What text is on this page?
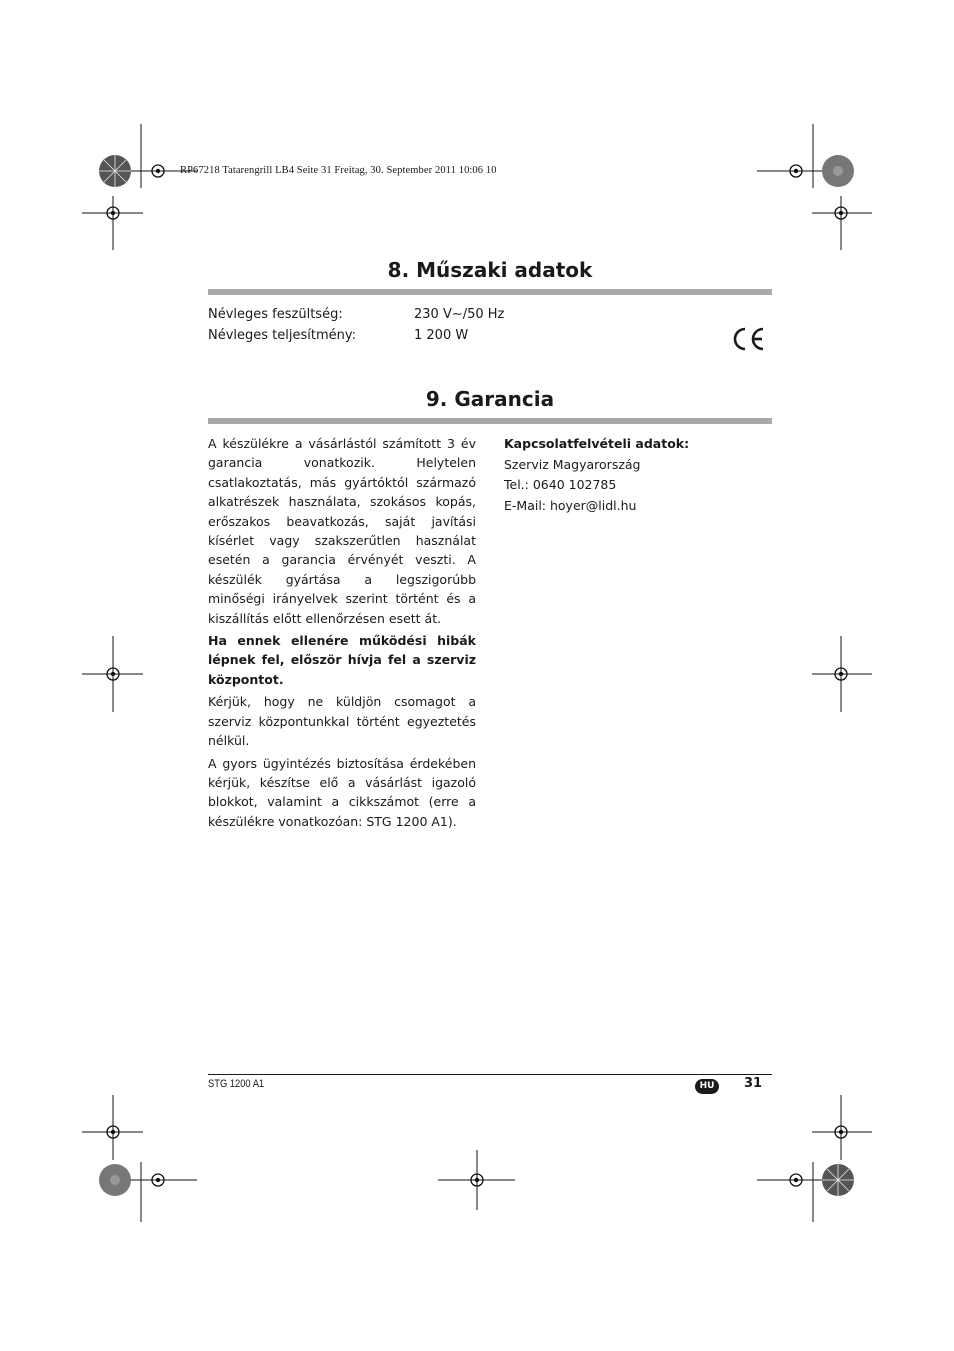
RP67218 Tatarengrill LB4 Seite 31 Freitag, 30. September 2011 10:06 10
8. Műszaki adatok
Névleges feszültség:	230 V∼/50 Hz
Névleges teljesítmény:	1 200 W
9. Garancia

A készülékre a vásárlástól számított 3 év garancia vonatkozik. Helytelen csatlakoztatás, más gyártóktól származó alkatrészek használata, szokásos kopás, erőszakos beavatkozás, saját javítási kísérlet vagy szakszerűtlen használat esetén a garancia érvényét veszti. A készülék gyártása a legszigorúbb minőségi irányelvek szerint történt és a kiszállítás előtt ellenőrzésen esett át.

Ha ennek ellenére működési hibák lépnek fel, először hívja fel a szerviz központot.

Kérjük, hogy ne küldjön csomagot a szerviz központunkkal történt egyeztetés nélkül.

A gyors ügyintézés biztosítása érdekében kérjük, készítse elő a vásárlást igazoló blokkot, valamint a cikkszámot (erre a készülékre vonatkozóan: STG 1200 A1).

Kapcsolatfelvételi adatok:
Szerviz Magyarország
Tel.: 0640 102785
E-Mail: hoyer@lidl.hu
STG 1200 A1	HU	31
